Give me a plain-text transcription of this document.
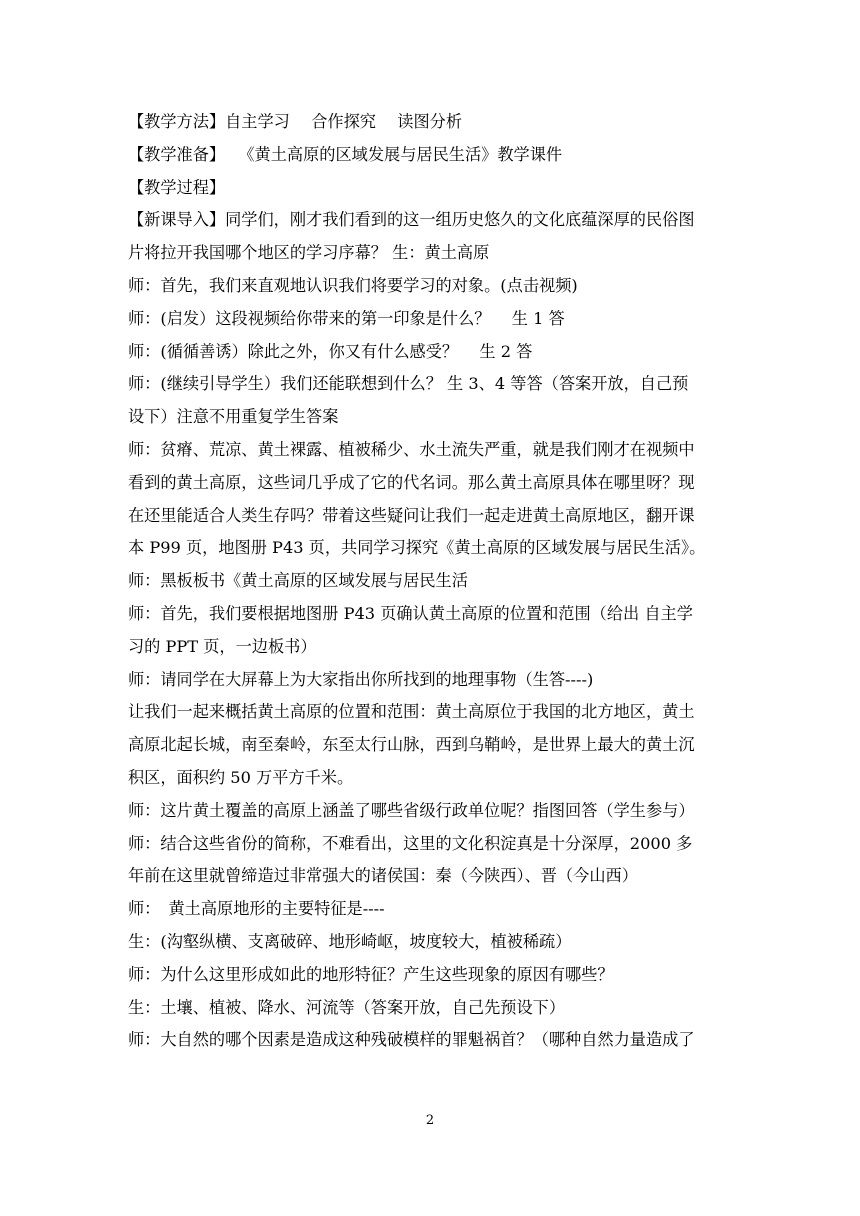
【教学方法】自主学习　 合作探究　 读图分析
【教学准备】　 《黄土高原的区域发展与居民生活》教学课件
【教学过程】
【新课导入】同学们，刚才我们看到的这一组历史悠久的文化底蕴深厚的民俗图
片将拉开我国哪个地区的学习序幕？ 生：黄土高原
师：首先，我们来直观地认识我们将要学习的对象。(点击视频)
师：(启发）这段视频给你带来的第一印象是什么？　 生 1 答
师：(循循善诱）除此之外，你又有什么感受？　 生 2 答
师：(继续引导学生）我们还能联想到什么？ 生 3、4 等答（答案开放，自己预
设下）注意不用重复学生答案
师：贫瘠、荒凉、黄土裸露、植被稀少、水土流失严重，就是我们刚才在视频中
看到的黄土高原，这些词几乎成了它的代名词。那么黄土高原具体在哪里呀？现
在还里能适合人类生存吗？带着这些疑问让我们一起走进黄土高原地区，翻开课
本 P99 页，地图册 P43 页，共同学习探究《黄土高原的区域发展与居民生活》。
师：黑板板书《黄土高原的区域发展与居民生活
师：首先，我们要根据地图册 P43 页确认黄土高原的位置和范围（给出 自主学
习的 PPT 页，一边板书）
师：请同学在大屏幕上为大家指出你所找到的地理事物（生答----)
让我们一起来概括黄土高原的位置和范围：黄土高原位于我国的北方地区，黄土
高原北起长城，南至秦岭，东至太行山脉，西到乌鞘岭，是世界上最大的黄土沉
积区，面积约 50 万平方千米。
师：这片黄土覆盖的高原上涵盖了哪些省级行政单位呢？指图回答（学生参与）
师：结合这些省份的简称，不难看出，这里的文化积淀真是十分深厚，2000 多
年前在这里就曾缔造过非常强大的诸侯国：秦（今陕西）、晋（今山西）
师：　黄土高原地形的主要特征是----
生：(沟壑纵横、支离破碎、地形崎岖，坡度较大，植被稀疏）
师：为什么这里形成如此的地形特征？产生这些现象的原因有哪些？
生：土壤、植被、降水、河流等（答案开放，自己先预设下）
师：大自然的哪个因素是造成这种残破模样的罪魁祸首？（哪种自然力量造成了
2
